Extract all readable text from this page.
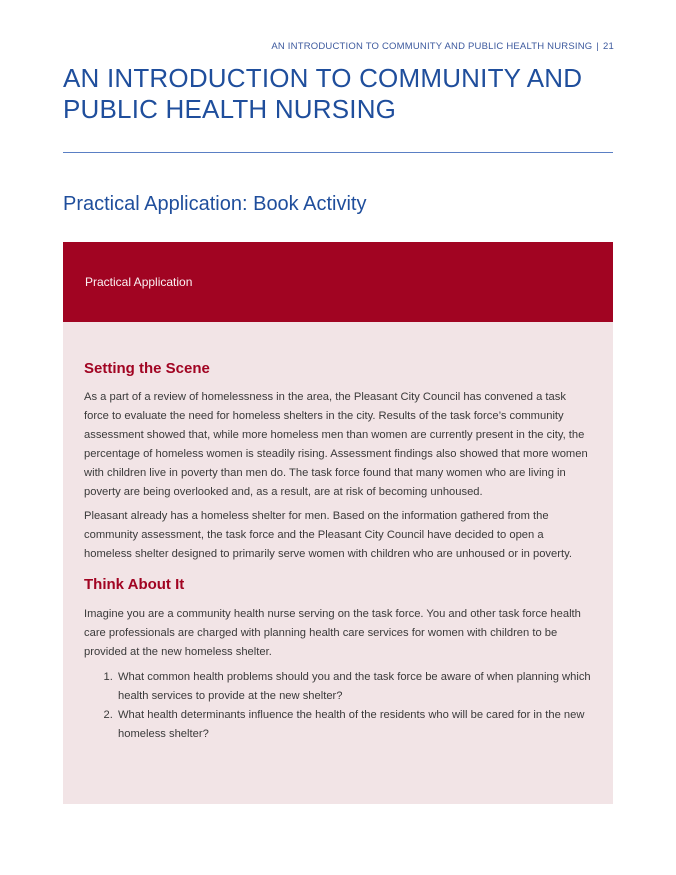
AN INTRODUCTION TO COMMUNITY AND PUBLIC HEALTH NURSING | 21
AN INTRODUCTION TO COMMUNITY AND PUBLIC HEALTH NURSING
Practical Application: Book Activity
Practical Application
Setting the Scene

As a part of a review of homelessness in the area, the Pleasant City Council has convened a task force to evaluate the need for homeless shelters in the city. Results of the task force’s community assessment showed that, while more homeless men than women are currently present in the city, the percentage of homeless women is steadily rising. Assessment findings also showed that more women with children live in poverty than men do. The task force found that many women who are living in poverty are being overlooked and, as a result, are at risk of becoming unhoused.

Pleasant already has a homeless shelter for men. Based on the information gathered from the community assessment, the task force and the Pleasant City Council have decided to open a homeless shelter designed to primarily serve women with children who are unhoused or in poverty.

Think About It

Imagine you are a community health nurse serving on the task force. You and other task force health care professionals are charged with planning health care services for women with children to be provided at the new homeless shelter.

1. What common health problems should you and the task force be aware of when planning which health services to provide at the new shelter?
2. What health determinants influence the health of the residents who will be cared for in the new homeless shelter?
